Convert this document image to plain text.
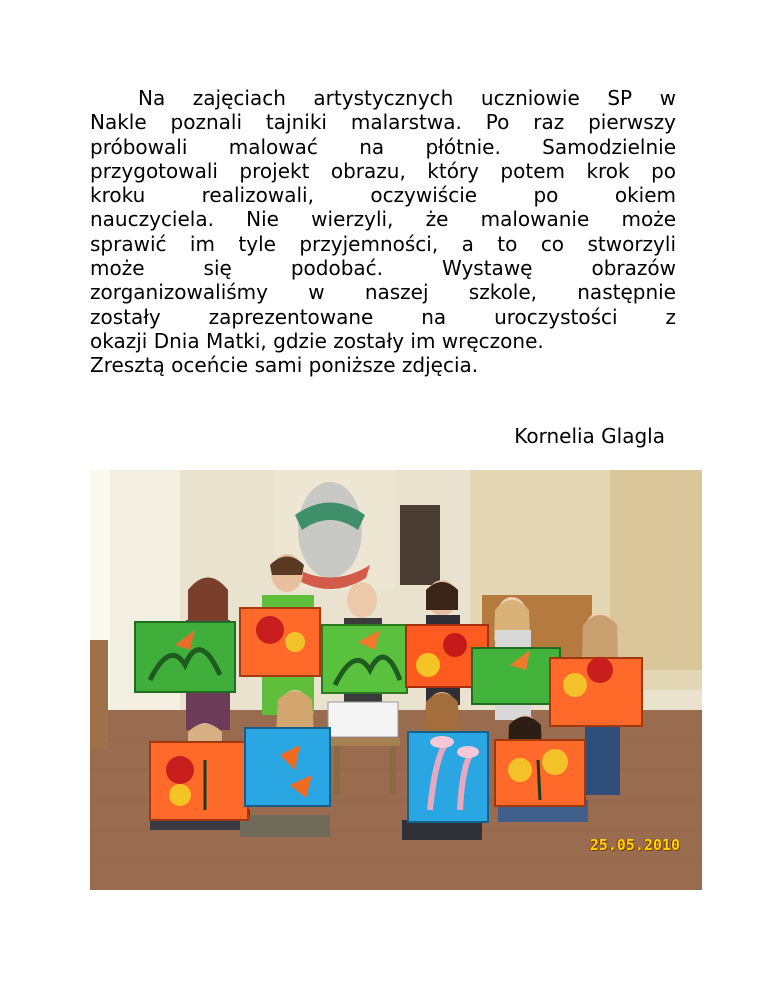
Na zajęciach artystycznych uczniowie SP w
Nakle poznali tajniki malarstwa. Po raz pierwszy
próbowali malować na płótnie. Samodzielnie
przygotowali projekt obrazu, który potem krok po
kroku realizowali, oczywiście po okiem
nauczyciela. Nie wierzyli, że malowanie może
sprawić im tyle przyjemności, a to co stworzyli
może się podobać. Wystawę obrazów
zorganizowaliśmy w naszej szkole, następnie
zostały zaprezentowane na uroczystości z
okazji Dnia Matki, gdzie zostały im wręczone.
Zresztą oceńcie sami poniższe zdjęcia.
Kornelia Glagla
25.05.2010
